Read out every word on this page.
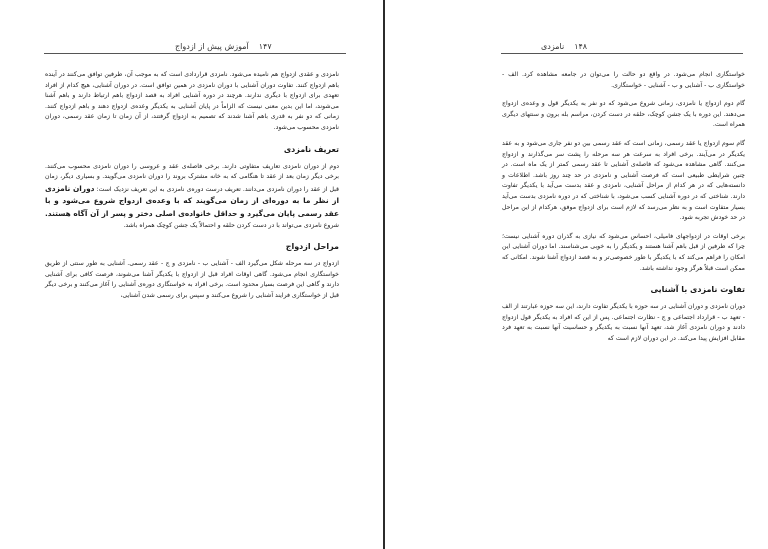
۱۴۷
آموزش پیش از ازدواج

نامزدی و عقدی ازدواج هم نامیده می‌شود. نامزدی قراردادی است که به موجب آن، طرفین توافق می‌کنند در آینده باهم ازدواج کنند. تفاوت دوران آشنایی با دوران نامزدی در همین توافق است. در دوران آشنایی، هیچ کدام از افراد تعهدی برای ازدواج با دیگری ندارند. هرچند در دوره آشنایی افراد به قصد ازدواج باهم ارتباط دارند و باهم آشنا می‌شوند، اما این بدین معنی نیست که الزاماً در پایان آشنایی به یکدیگر وعده‌ی ازدواج دهند و باهم ازدواج کنند. زمانی که دو نفر به قدری باهم آشنا شدند که تصمیم به ازدواج گرفتند، از آن زمان تا زمان عقد رسمی، دوران نامزدی محسوب می‌شود.

تعریف نامزدی

دوم از دوران نامزدی تعاریف متفاوتی دارند. برخی فاصله‌ی عقد و عروسی را دوران نامزدی محسوب می‌کنند. برخی دیگر زمان بعد از عقد تا هنگامی که به خانه مشترک بروند را دوران نامزدی می‌گویند. و بسیاری دیگر، زمان قبل از عقد را دوران نامزدی می‌دانند. تعریف درست دوره‌ی نامزدی به این تعریف نزدیک است: دوران نامزدی از نظر ما به دوره‌ای از زمان می‌گویند که با وعده‌ی ازدواج شروع می‌شود و با عقد رسمی پایان می‌گیرد و حداقل خانواده‌ی اصلی دختر و پسر از آن آگاه هستند. شروع نامزدی می‌تواند با در دست کردن حلقه و احتمالاً یک جشن کوچک همراه باشد.

مراحل ازدواج

ازدواج در سه مرحله شکل می‌گیرد الف - آشنایی ب - نامزدی و ج - عقد رسمی. آشنایی به طور سنتی از طریق خواستگاری انجام می‌شود. گاهی اوقات افراد قبل از ازدواج با یکدیگر آشنا می‌شوند، فرصت کافی برای آشنایی دارند و گاهی این فرصت بسیار محدود است. برخی افراد به خواستگاری دوره‌ی آشنایی را آغاز می‌کنند و برخی دیگر قبل از خواستگاری فرایند آشنایی را شروع می‌کنند و سپس برای رسمی شدن آشنایی،

۱۴۸
نامزدی

خواستگاری انجام می‌شود. در واقع دو حالت را می‌توان در جامعه مشاهده کرد. الف - خواستگاری ب - آشنایی و ب - آشنایی - خواستگاری.

گام دوم ازدواج یا نامزدی، زمانی شروع می‌شود که دو نفر به یکدیگر قول و وعده‌ی ازدواج می‌دهند. این دوره با یک جشن کوچک، حلقه در دست کردن، مراسم بله برون و سنتهای دیگری همراه است.

گام سوم ازدواج یا عقد رسمی، زمانی است که عقد رسمی بین دو نفر جاری می‌شود و به عقد یکدیگر در می‌آیند. برخی افراد به سرعت هر سه مرحله را پشت سر می‌گذارند و ازدواج می‌کنند. گاهی مشاهده می‌شود که فاصله‌ی آشنایی تا عقد رسمی کمتر از یک ماه است. در چنین شرایطی طبیعی است که فرصت آشنایی و نامزدی در حد چند روز باشد. اطلاعات و دانسته‌هایی که در هر کدام از مراحل آشنایی، نامزدی و عقد بدست می‌آید با یکدیگر تفاوت دارند. شناختی که در دوره آشنایی کسب می‌شود، با شناختی که در دوره نامزدی بدست می‌آید بسیار متفاوت است و به نظر می‌رسد که لازم است برای ازدواج موفق، هرکدام از این مراحل در حد خودش تجربه شود.

برخی اوقات در ازدواجهای فامیلی، احساس می‌شود که نیازی به گذران دوره آشنایی نیست؛ چرا که طرفین از قبل باهم آشنا هستند و یکدیگر را به خوبی می‌شناسند. اما دوران آشنایی این امکان را فراهم می‌کند که با یکدیگر با طور خصوصی‌تر و به قصد ازدواج آشنا شوند. امکانی که ممکن است قبلاً هرگز وجود نداشته باشد.

تفاوت نامزدی با آشنایی

دوران نامزدی و دوران آشنایی در سه حوزه با یکدیگر تفاوت دارند، این سه حوزه عبارتند از الف - تعهد ب - قرارداد اجتماعی و ج - نظارت اجتماعی. پس از این که افراد به یکدیگر قول ازدواج دادند و دوران نامزدی آغاز شد، تعهد آنها نسبت به یکدیگر و حساسیت آنها نسبت به تعهد فرد مقابل افزایش پیدا می‌کند. در این دوران لازم است که
